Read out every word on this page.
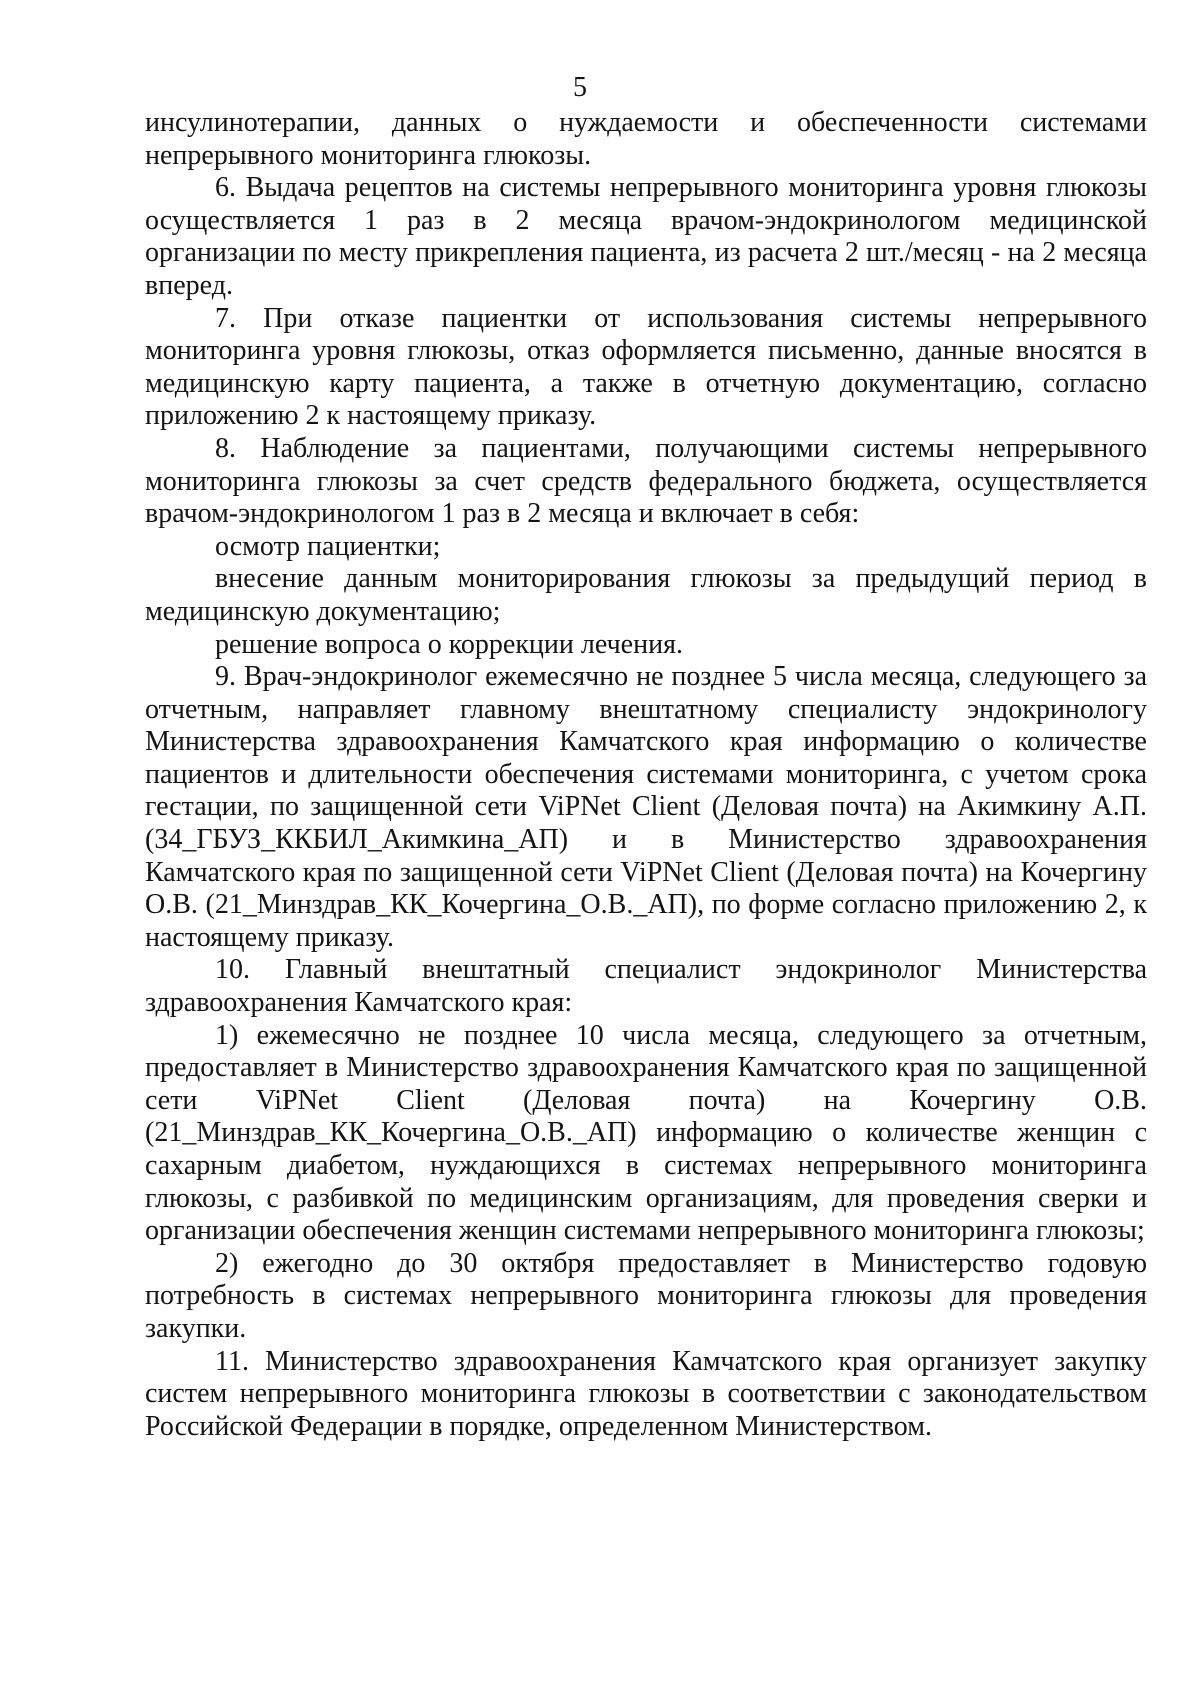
5

инсулинотерапии, данных о нуждаемости и обеспеченности системами непрерывного мониторинга глюкозы.

6. Выдача рецептов на системы непрерывного мониторинга уровня глюкозы осуществляется 1 раз в 2 месяца врачом-эндокринологом медицинской организации по месту прикрепления пациента, из расчета 2 шт./месяц - на 2 месяца вперед.

7. При отказе пациентки от использования системы непрерывного мониторинга уровня глюкозы, отказ оформляется письменно, данные вносятся в медицинскую карту пациента, а также в отчетную документацию, согласно приложению 2 к настоящему приказу.

8. Наблюдение за пациентами, получающими системы непрерывного мониторинга глюкозы за счет средств федерального бюджета, осуществляется врачом-эндокринологом 1 раз в 2 месяца и включает в себя:

осмотр пациентки;

внесение данным мониторирования глюкозы за предыдущий период в медицинскую документацию;

решение вопроса о коррекции лечения.

9. Врач-эндокринолог ежемесячно не позднее 5 числа месяца, следующего за отчетным, направляет главному внештатному специалисту эндокринологу Министерства здравоохранения Камчатского края информацию о количестве пациентов и длительности обеспечения системами мониторинга, с учетом срока гестации, по защищенной сети ViPNet Client (Деловая почта) на Акимкину А.П. (34_ГБУЗ_ККБИЛ_Акимкина_АП) и в Министерство здравоохранения Камчатского края по защищенной сети ViPNet Client (Деловая почта) на Кочергину О.В. (21_Минздрав_КК_Кочергина_О.В._АП), по форме согласно приложению 2, к настоящему приказу.

10. Главный внештатный специалист эндокринолог Министерства здравоохранения Камчатского края:

1) ежемесячно не позднее 10 числа месяца, следующего за отчетным, предоставляет в Министерство здравоохранения Камчатского края по защищенной сети ViPNet Client (Деловая почта) на Кочергину О.В. (21_Минздрав_КК_Кочергина_О.В._АП) информацию о количестве женщин с сахарным диабетом, нуждающихся в системах непрерывного мониторинга глюкозы, с разбивкой по медицинским организациям, для проведения сверки и организации обеспечения женщин системами непрерывного мониторинга глюкозы;

2) ежегодно до 30 октября предоставляет в Министерство годовую потребность в системах непрерывного мониторинга глюкозы для проведения закупки.

11. Министерство здравоохранения Камчатского края организует закупку систем непрерывного мониторинга глюкозы в соответствии с законодательством Российской Федерации в порядке, определенном Министерством.
